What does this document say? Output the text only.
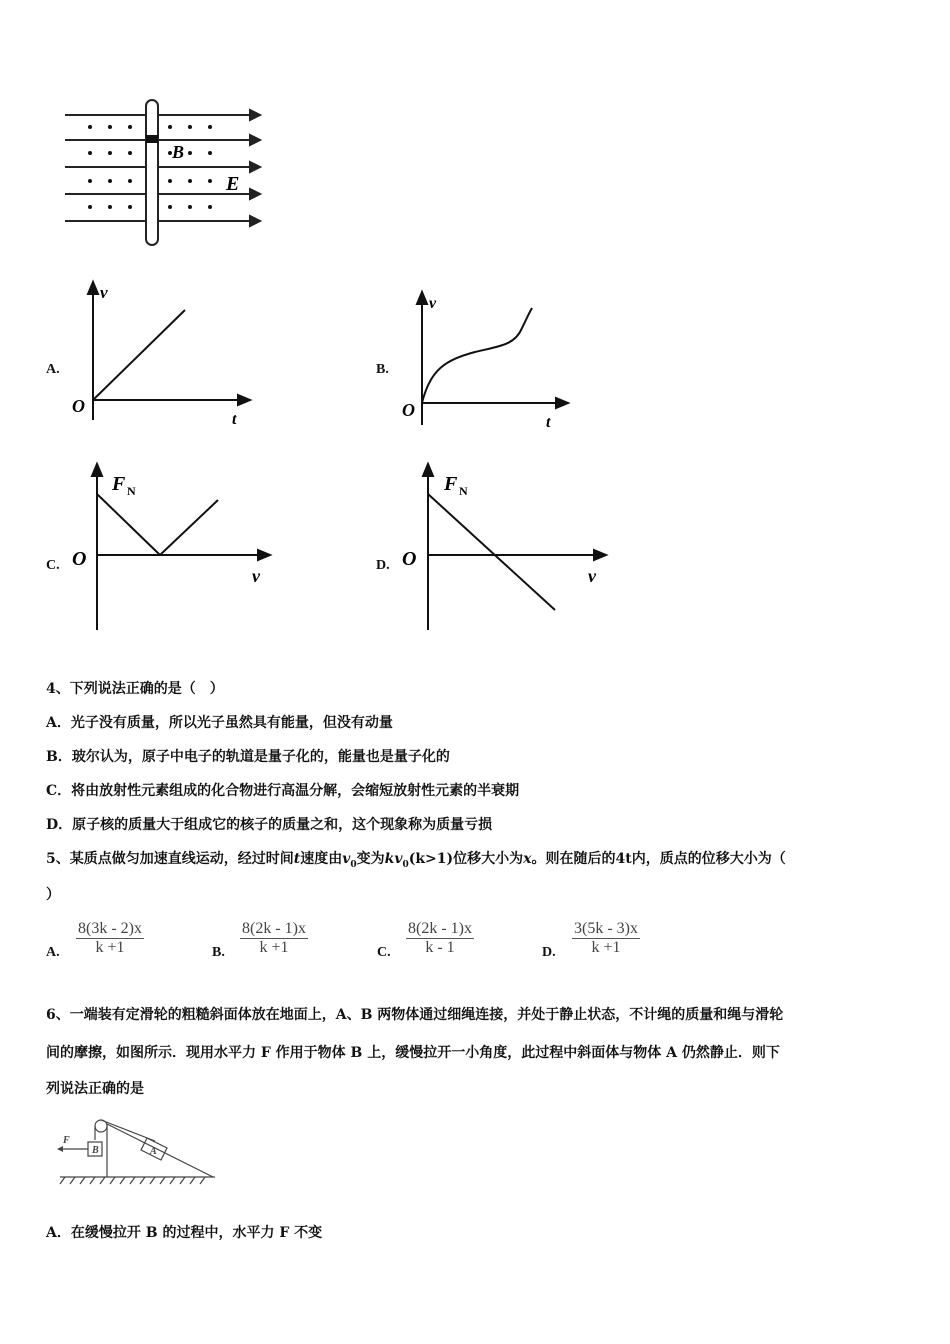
B
E
A.	B.
C.	D.
v
O
t
v
O
t
F N
O
v
F N
O
v
4、下列说法正确的是（　）
A．光子没有质量，所以光子虽然具有能量，但没有动量
B．玻尔认为，原子中电子的轨道是量子化的，能量也是量子化的
C．将由放射性元素组成的化合物进行高温分解，会缩短放射性元素的半衰期
D．原子核的质量大于组成它的核子的质量之和，这个现象称为质量亏损
5、某质点做匀加速直线运动，经过时间t速度由$v_0$变为$kv_0(k>1)$位移大小为x。则在随后的4t内，质点的位移大小为（
）
A. $\frac{8(3k - 2)x}{k +1}$	B. $\frac{8(2k - 1)x}{k +1}$	C. $\frac{8(2k - 1)x}{k - 1}$	D. $\frac{3(5k - 3)x}{k +1}$
6、一端装有定滑轮的粗糙斜面体放在地面上，A、B 两物体通过细绳连接，并处于静止状态，不计绳的质量和绳与滑轮
间的摩擦，如图所示．现用水平力 F 作用于物体 B 上，缓慢拉开一小角度，此过程中斜面体与物体 A 仍然静止．则下
列说法正确的是
F
A
B
A．在缓慢拉开 B 的过程中，水平力 F 不变
